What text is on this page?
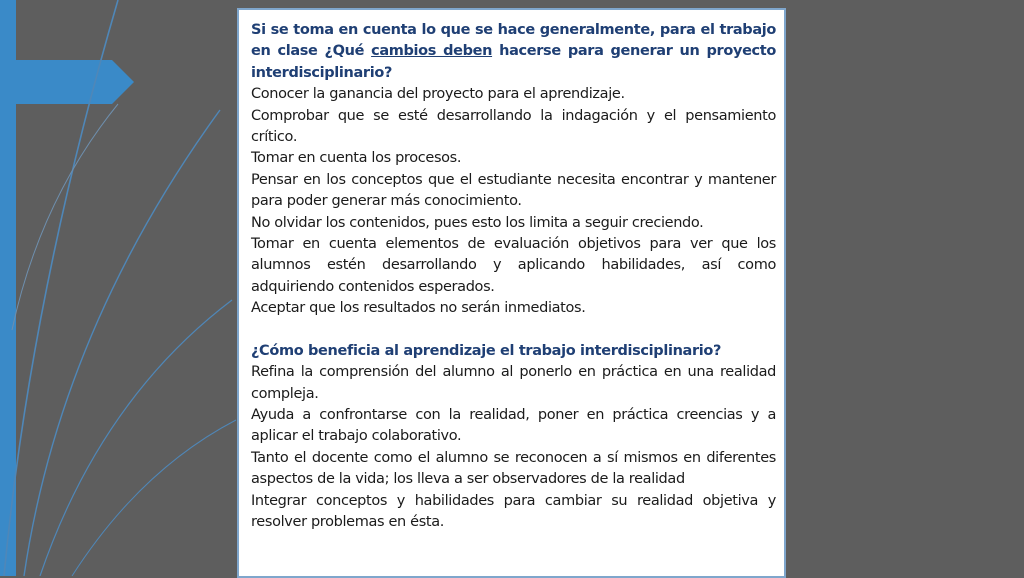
Si se toma en cuenta lo que se hace generalmente, para el trabajo en clase ¿Qué cambios deben hacerse para generar un proyecto interdisciplinario?

Conocer la ganancia del proyecto para el aprendizaje.

Comprobar que se esté desarrollando la indagación y el pensamiento crítico.

Tomar en cuenta los procesos.

Pensar en los conceptos que el estudiante necesita encontrar y mantener para poder generar más conocimiento.

No olvidar los contenidos, pues esto los limita a seguir creciendo.

Tomar en cuenta elementos de evaluación objetivos para ver que los alumnos estén desarrollando y aplicando habilidades, así como adquiriendo contenidos esperados.

Aceptar que los resultados no serán inmediatos.

¿Cómo beneficia al aprendizaje el trabajo interdisciplinario?

Refina la comprensión del alumno al ponerlo en práctica en una realidad compleja.

Ayuda a confrontarse con la realidad, poner en práctica creencias y a aplicar el trabajo colaborativo.

Tanto el docente como el alumno se reconocen a sí mismos en diferentes aspectos de la vida; los lleva a ser observadores de la realidad

Integrar conceptos y habilidades para cambiar su realidad objetiva y resolver problemas en ésta.
